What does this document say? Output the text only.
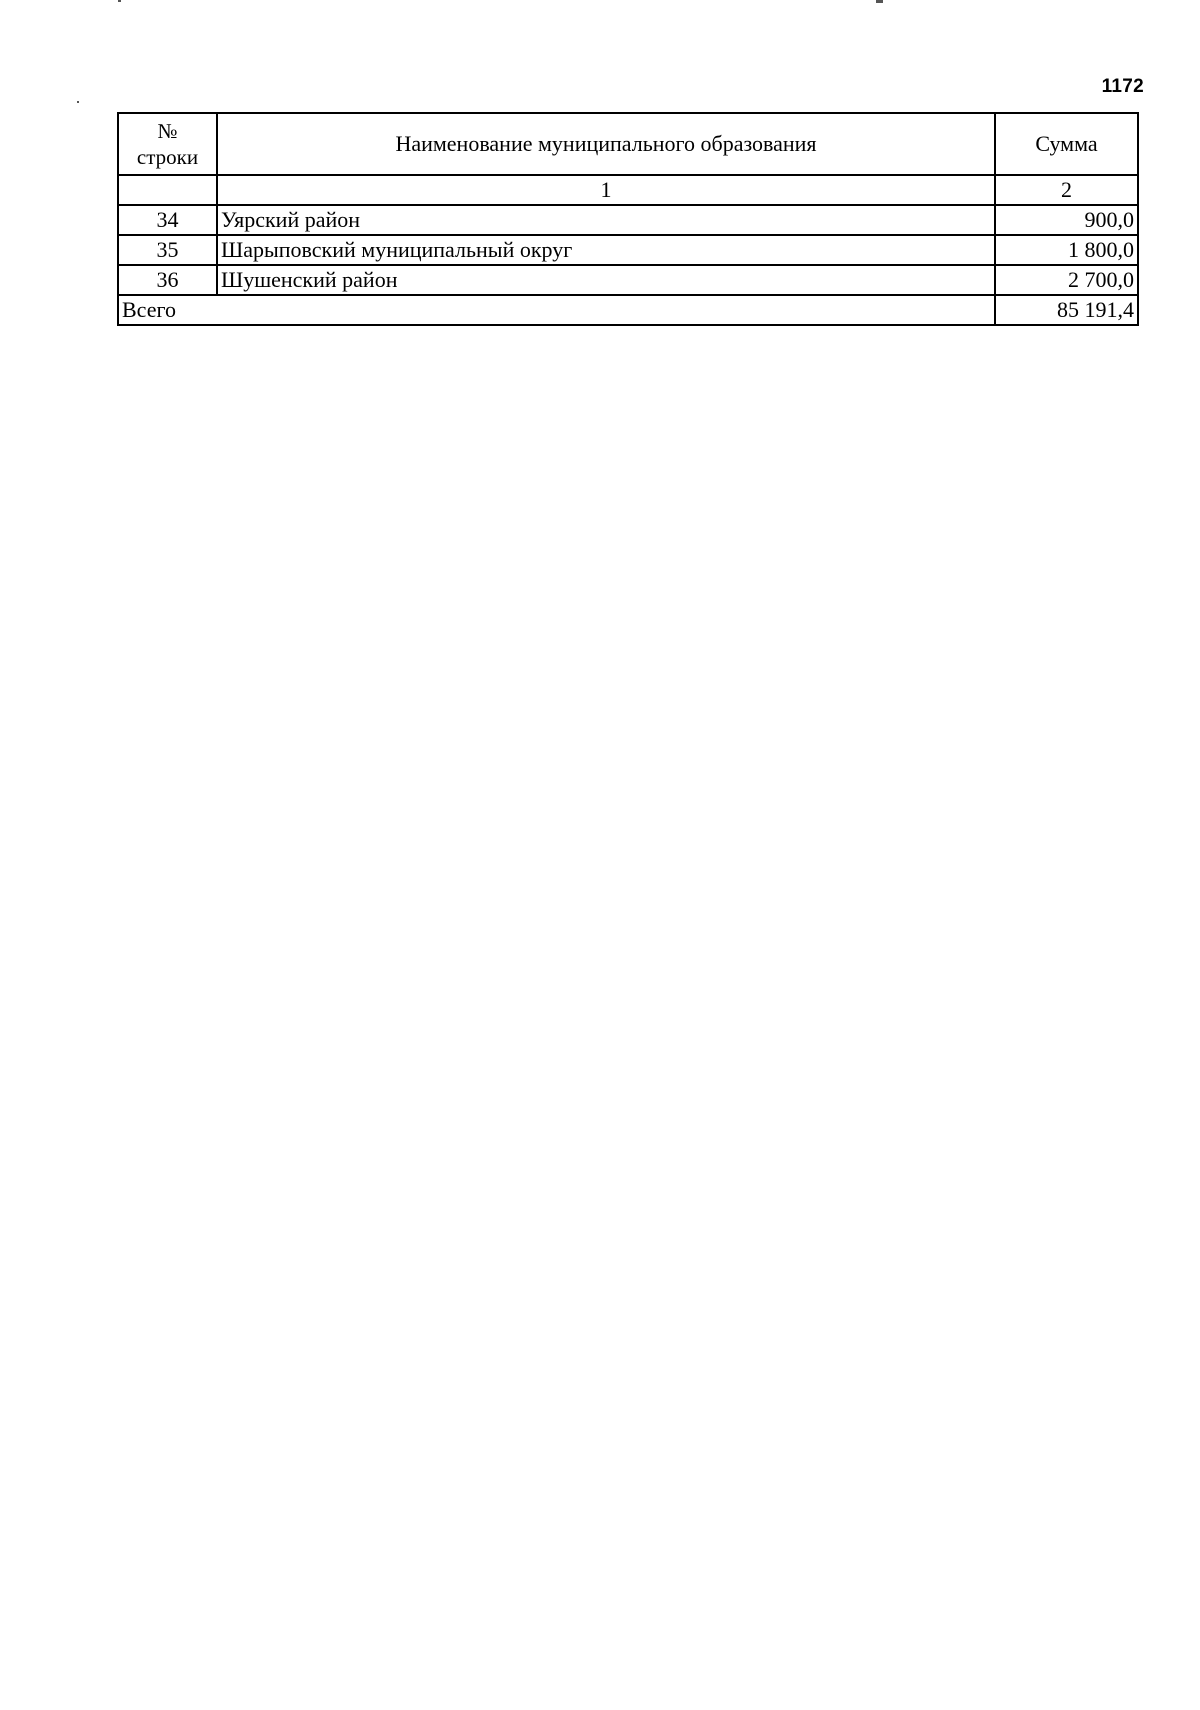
1172
№
строки	Наименование муниципального образования	Сумма
	1	2
34	Уярский район	900,0
35	Шарыповский муниципальный округ	1 800,0
36	Шушенский район	2 700,0
Всего		85 191,4
